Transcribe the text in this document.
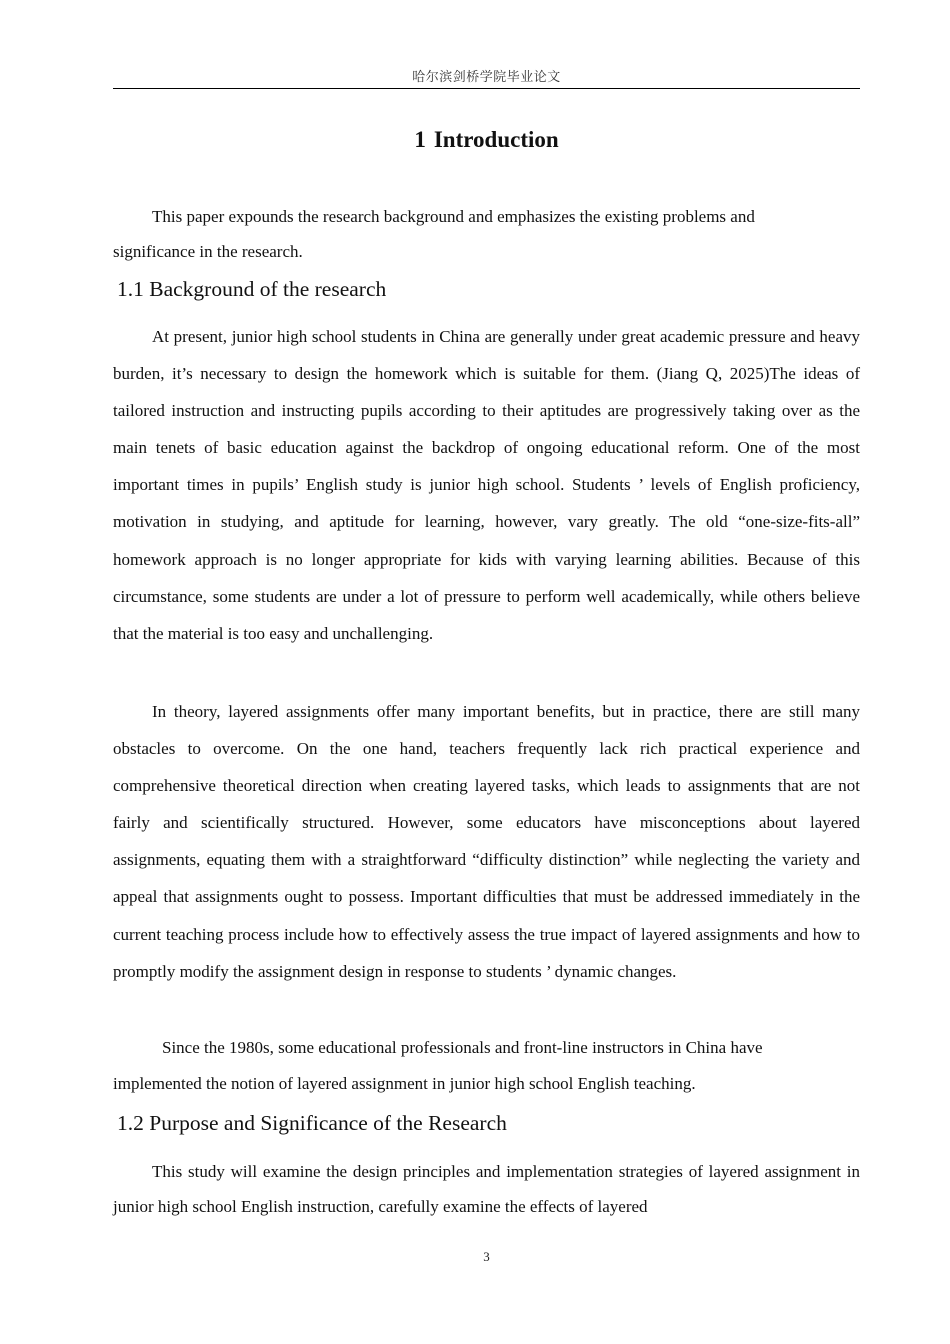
哈尔滨剑桥学院毕业论文
1 Introduction

This paper expounds the research background and emphasizes the existing problems and significance in the research.

1.1 Background of the research

At present, junior high school students in China are generally under great academic pressure and heavy burden, it’s necessary to design the homework which is suitable for them. (Jiang Q, 2025)The ideas of tailored instruction and instructing pupils according to their aptitudes are progressively taking over as the main tenets of basic education against the backdrop of ongoing educational reform. One of the most important times in pupils’ English study is junior high school. Students ’ levels of English proficiency, motivation in studying, and aptitude for learning, however, vary greatly. The old “one-size-fits-all” homework approach is no longer appropriate for kids with varying learning abilities. Because of this circumstance, some students are under a lot of pressure to perform well academically, while others believe that the material is too easy and unchallenging.

In theory, layered assignments offer many important benefits, but in practice, there are still many obstacles to overcome. On the one hand, teachers frequently lack rich practical experience and comprehensive theoretical direction when creating layered tasks, which leads to assignments that are not fairly and scientifically structured. However, some educators have misconceptions about layered assignments, equating them with a straightforward “difficulty distinction” while neglecting the variety and appeal that assignments ought to possess. Important difficulties that must be addressed immediately in the current teaching process include how to effectively assess the true impact of layered assignments and how to promptly modify the assignment design in response to students ’ dynamic changes.

Since the 1980s, some educational professionals and front-line instructors in China have implemented the notion of layered assignment in junior high school English teaching.

1.2 Purpose and Significance of the Research

This study will examine the design principles and implementation strategies of layered assignment in junior high school English instruction, carefully examine the effects of layered

3
